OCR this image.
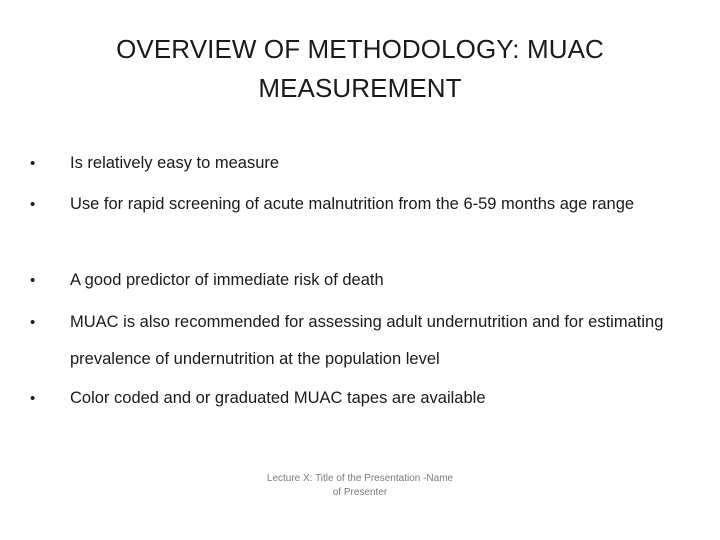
OVERVIEW OF METHODOLOGY: MUAC
MEASUREMENT
• Is relatively easy to measure
• Use for rapid screening of acute malnutrition from the 6-59 months age range
• A good predictor of immediate risk of death
• MUAC is also recommended for assessing adult undernutrition and for estimating prevalence of undernutrition at the population level
• Color coded and or graduated MUAC tapes are available
Lecture X: Title of the Presentation -Name
of Presenter
